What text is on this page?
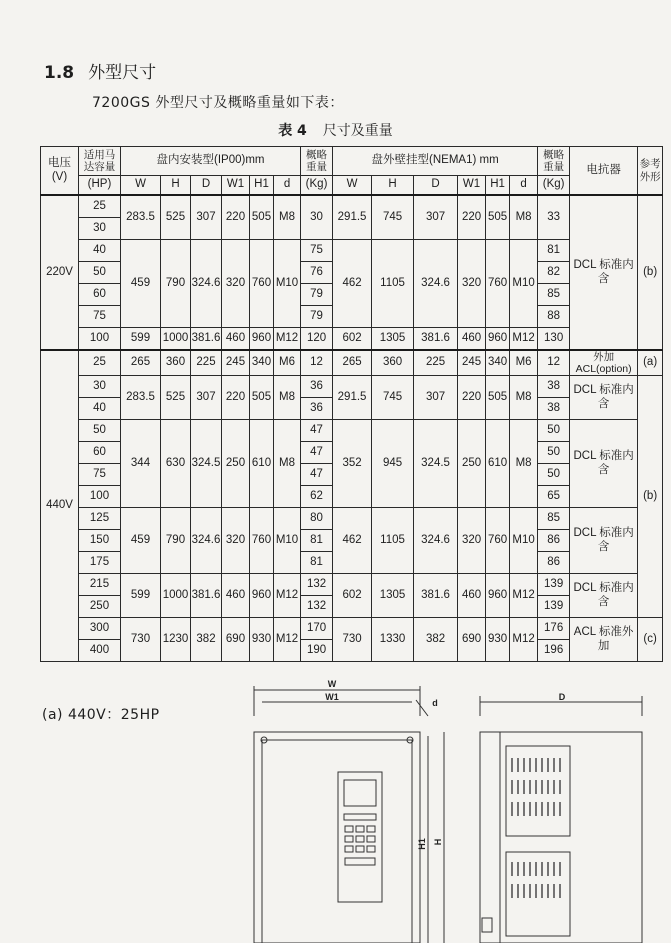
1.8 外型尺寸
7200GS 外型尺寸及概略重量如下表：
表 4 尺寸及重量
电压 (V)	适用马达容量	盘内安装型(IP00)mm						概略重量	盘外壁挂型(NEMA1) mm						概略重量	电抗器	参考外形
	(HP)	W	H	D	W1	H1	d	(Kg)	W	H	D	W1	H1	d	(Kg)		
220V	25	283.5	525	307	220	505	M8	30	291.5	745	307	220	505	M8	33	DCL 标准内含	(b)
	30																
	40	459	790	324.6	320	760	M10	75	462	1105	324.6	320	760	M10	81		
	50							76							82		
	60							79							85		
	75							79							88		
	100	599	1000	381.6	460	960	M12	120	602	1305	381.6	460	960	M12	130		
440V	25	265	360	225	245	340	M6	12	265	360	225	245	340	M6	12	外加ACL(option)	(a)
	30	283.5	525	307	220	505	M8	36	291.5	745	307	220	505	M8	38	DCL 标准内含	(b)
	40							36							38		
	50	344	630	324.5	250	610	M8	47	352	945	324.5	250	610	M8	50	DCL 标准内含	
	60							47							50		
	75							47							50		
	100							62							65		
	125	459	790	324.6	320	760	M10	80	462	1105	324.6	320	760	M10	85	DCL 标准内含	
	150							81							86		
	175							81							86		
	215	599	1000	381.6	460	960	M12	132	602	1305	381.6	460	960	M12	139	DCL 标准内含	
	250							132							139		
	300	730	1230	382	690	930	M12	170	730	1330	382	690	930	M12	176	ACL 标准外加	(c)
	400							190							196		
(a) 440V：25HP
W
W1
d
D
H1 H
